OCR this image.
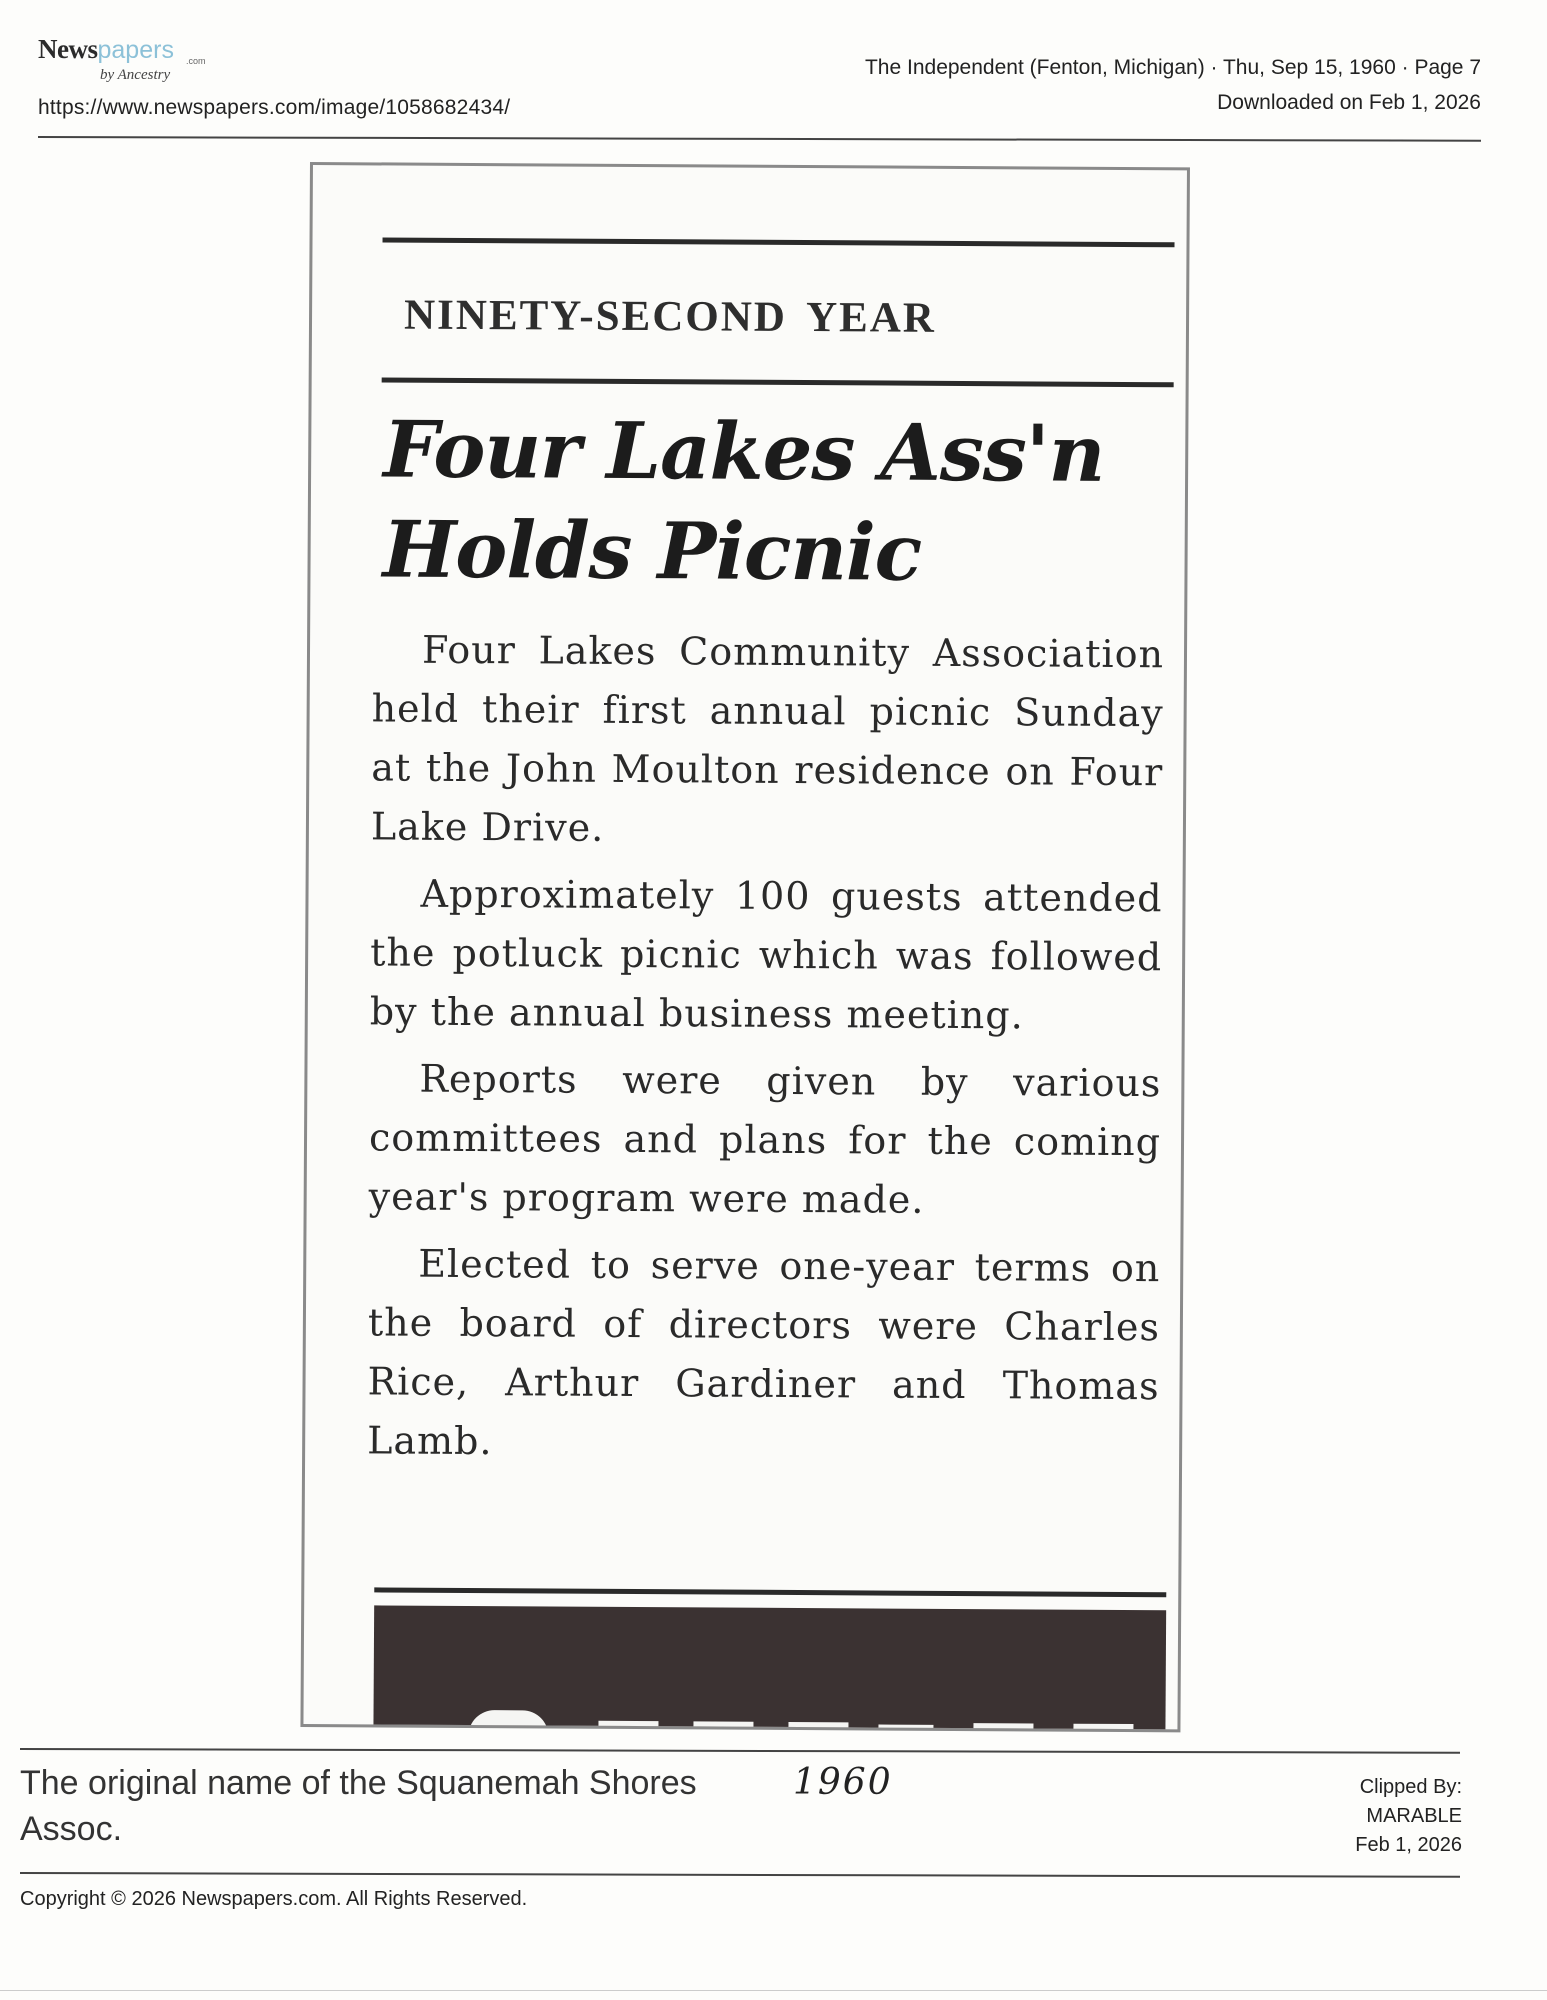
Newspapers .com
by Ancestry
https://www.newspapers.com/image/1058682434/
The Independent (Fenton, Michigan) · Thu, Sep 15, 1960 · Page 7
Downloaded on Feb 1, 2026
NINETY-SECOND YEAR
Four Lakes Ass'n
Holds Picnic

Four Lakes Community Association held their first annual picnic Sunday at the John Moulton residence on Four Lake Drive.

Approximately 100 guests attended the potluck picnic which was followed by the annual business meeting.

Reports were given by various committees and plans for the coming year's program were made.

Elected to serve one-year terms on the board of directors were Charles Rice, Arthur Gardiner and Thomas Lamb.

The original name of the Squanemah Shores Assoc.
1960	Clipped By:
MARABLE
Feb 1, 2026
Copyright © 2026 Newspapers.com. All Rights Reserved.
